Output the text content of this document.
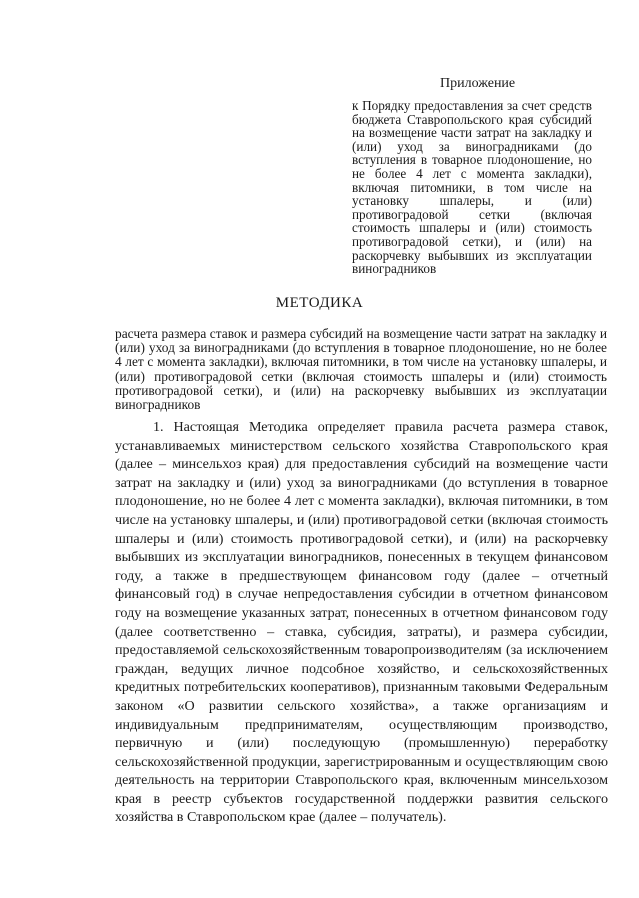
Приложение

к Порядку предоставления за счет средств бюджета Ставропольского края субсидий на возмещение части затрат на закладку и (или) уход за виноградниками (до вступления в товарное плодоношение, но не более 4 лет с момента закладки), включая питомники, в том числе на установку шпалеры, и (или) противоградовой сетки (включая стоимость шпалеры и (или) стоимость противоградовой сетки), и (или) на раскорчевку выбывших из эксплуатации виноградников

МЕТОДИКА

расчета размера ставок и размера субсидий на возмещение части затрат на закладку и (или) уход за виноградниками (до вступления в товарное плодоношение, но не более 4 лет с момента закладки), включая питомники, в том числе на установку шпалеры, и (или) противоградовой сетки (включая стоимость шпалеры и (или) стоимость противоградовой сетки), и (или) на раскорчевку выбывших из эксплуатации виноградников

1. Настоящая Методика определяет правила расчета размера ставок, устанавливаемых министерством сельского хозяйства Ставропольского края (далее – минсельхоз края) для предоставления субсидий на возмещение части затрат на закладку и (или) уход за виноградниками (до вступления в товарное плодоношение, но не более 4 лет с момента закладки), включая питомники, в том числе на установку шпалеры, и (или) противоградовой сетки (включая стоимость шпалеры и (или) стоимость противоградовой сетки), и (или) на раскорчевку выбывших из эксплуатации виноградников, понесенных в текущем финансовом году, а также в предшествующем финансовом году (далее – отчетный финансовый год) в случае непредоставления субсидии в отчетном финансовом году на возмещение указанных затрат, понесенных в отчетном финансовом году (далее соответственно – ставка, субсидия, затраты), и размера субсидии, предоставляемой сельскохозяйственным товаропроизводителям (за исключением граждан, ведущих личное подсобное хозяйство, и сельскохозяйственных кредитных потребительских кооперативов), признанным таковыми Федеральным законом «О развитии сельского хозяйства», а также организациям и индивидуальным предпринимателям, осуществляющим производство, первичную и (или) последующую (промышленную) переработку сельскохозяйственной продукции, зарегистрированным и осуществляющим свою деятельность на территории Ставропольского края, включенным минсельхозом края в реестр субъектов государственной поддержки развития сельского хозяйства в Ставропольском крае (далее – получатель).
